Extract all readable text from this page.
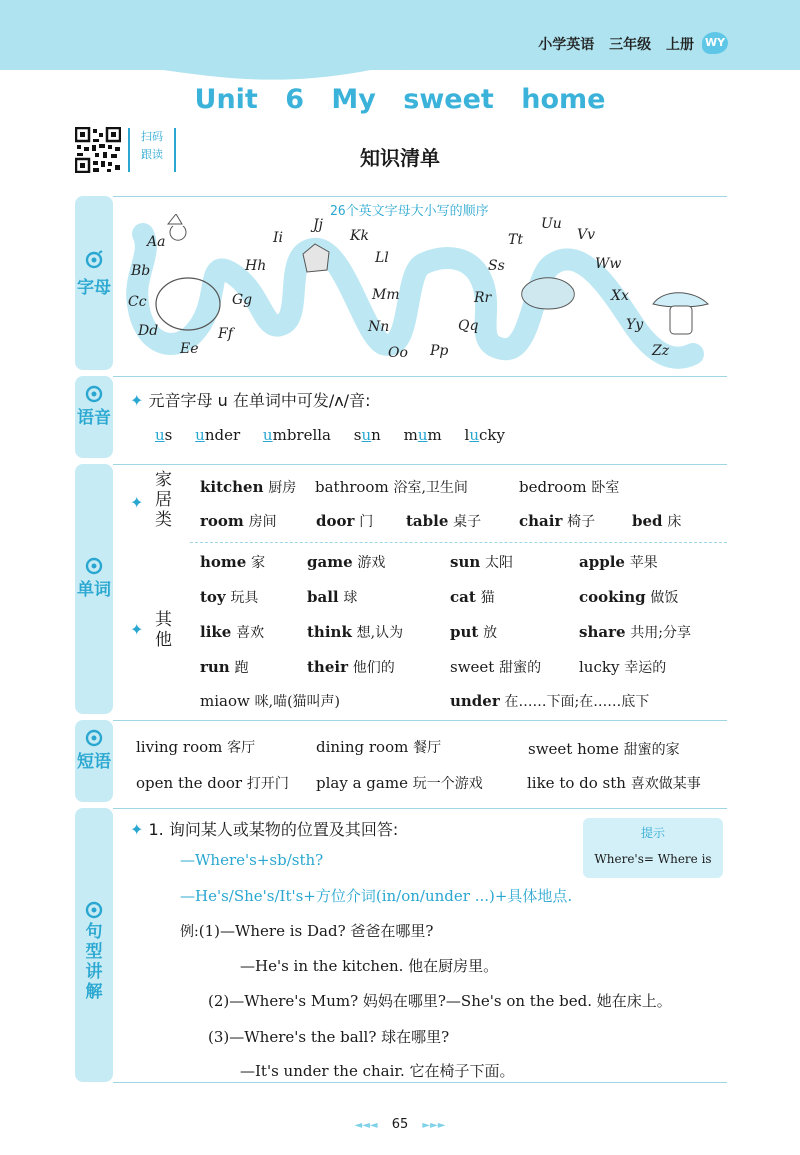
小学英语 三年级 上册 WY
Unit 6 My sweet home
扫码
跟读	知识清单
字母
26个英文字母大小写的顺序
Aa
Bb
Cc
Dd
Ee
Ff
Gg
Hh
Ii
Jj
Kk
Ll
Mm
Nn
Oo Pp
Qq
Rr
Ss
Tt
Uu
Vv
Ww
Xx
Yy
Zz
语音
✦ 元音字母 u 在单词中可发/ʌ/音:
us under umbrella sun mum lucky
单词
✦
家居类
kitchen 厨房 bathroom 浴室,卫生间	bedroom 卧室
room 房间	door 门 table 桌子	chair 椅子 bed 床
✦ 其他
home 家	game 游戏	sun 太阳	apple 苹果
toy 玩具	ball 球	cat 猫	cooking 做饭
like 喜欢	think 想,认为	put 放	share 共用;分享
run 跑	their 他们的	sweet 甜蜜的	lucky 幸运的
miaow 咪,喵(猫叫声)	under 在……下面;在……底下
短语
living room 客厅	dining room 餐厅	sweet home 甜蜜的家
open the door 打开门 play a game 玩一个游戏	like to do sth 喜欢做某事
句型讲解
✦ 1. 询问某人或某物的位置及其回答:	提示
Where's= Where is
—Where's+sb/sth?
—He's/She's/It's+方位介词(in/on/under ...)+具体地点.
例:(1)—Where is Dad? 爸爸在哪里?
—He's in the kitchen. 他在厨房里。
(2)—Where's Mum? 妈妈在哪里?—She's on the bed. 她在床上。
(3)—Where's the ball? 球在哪里?
—It's under the chair. 它在椅子下面。
◄◄◄ 65 ►►►
